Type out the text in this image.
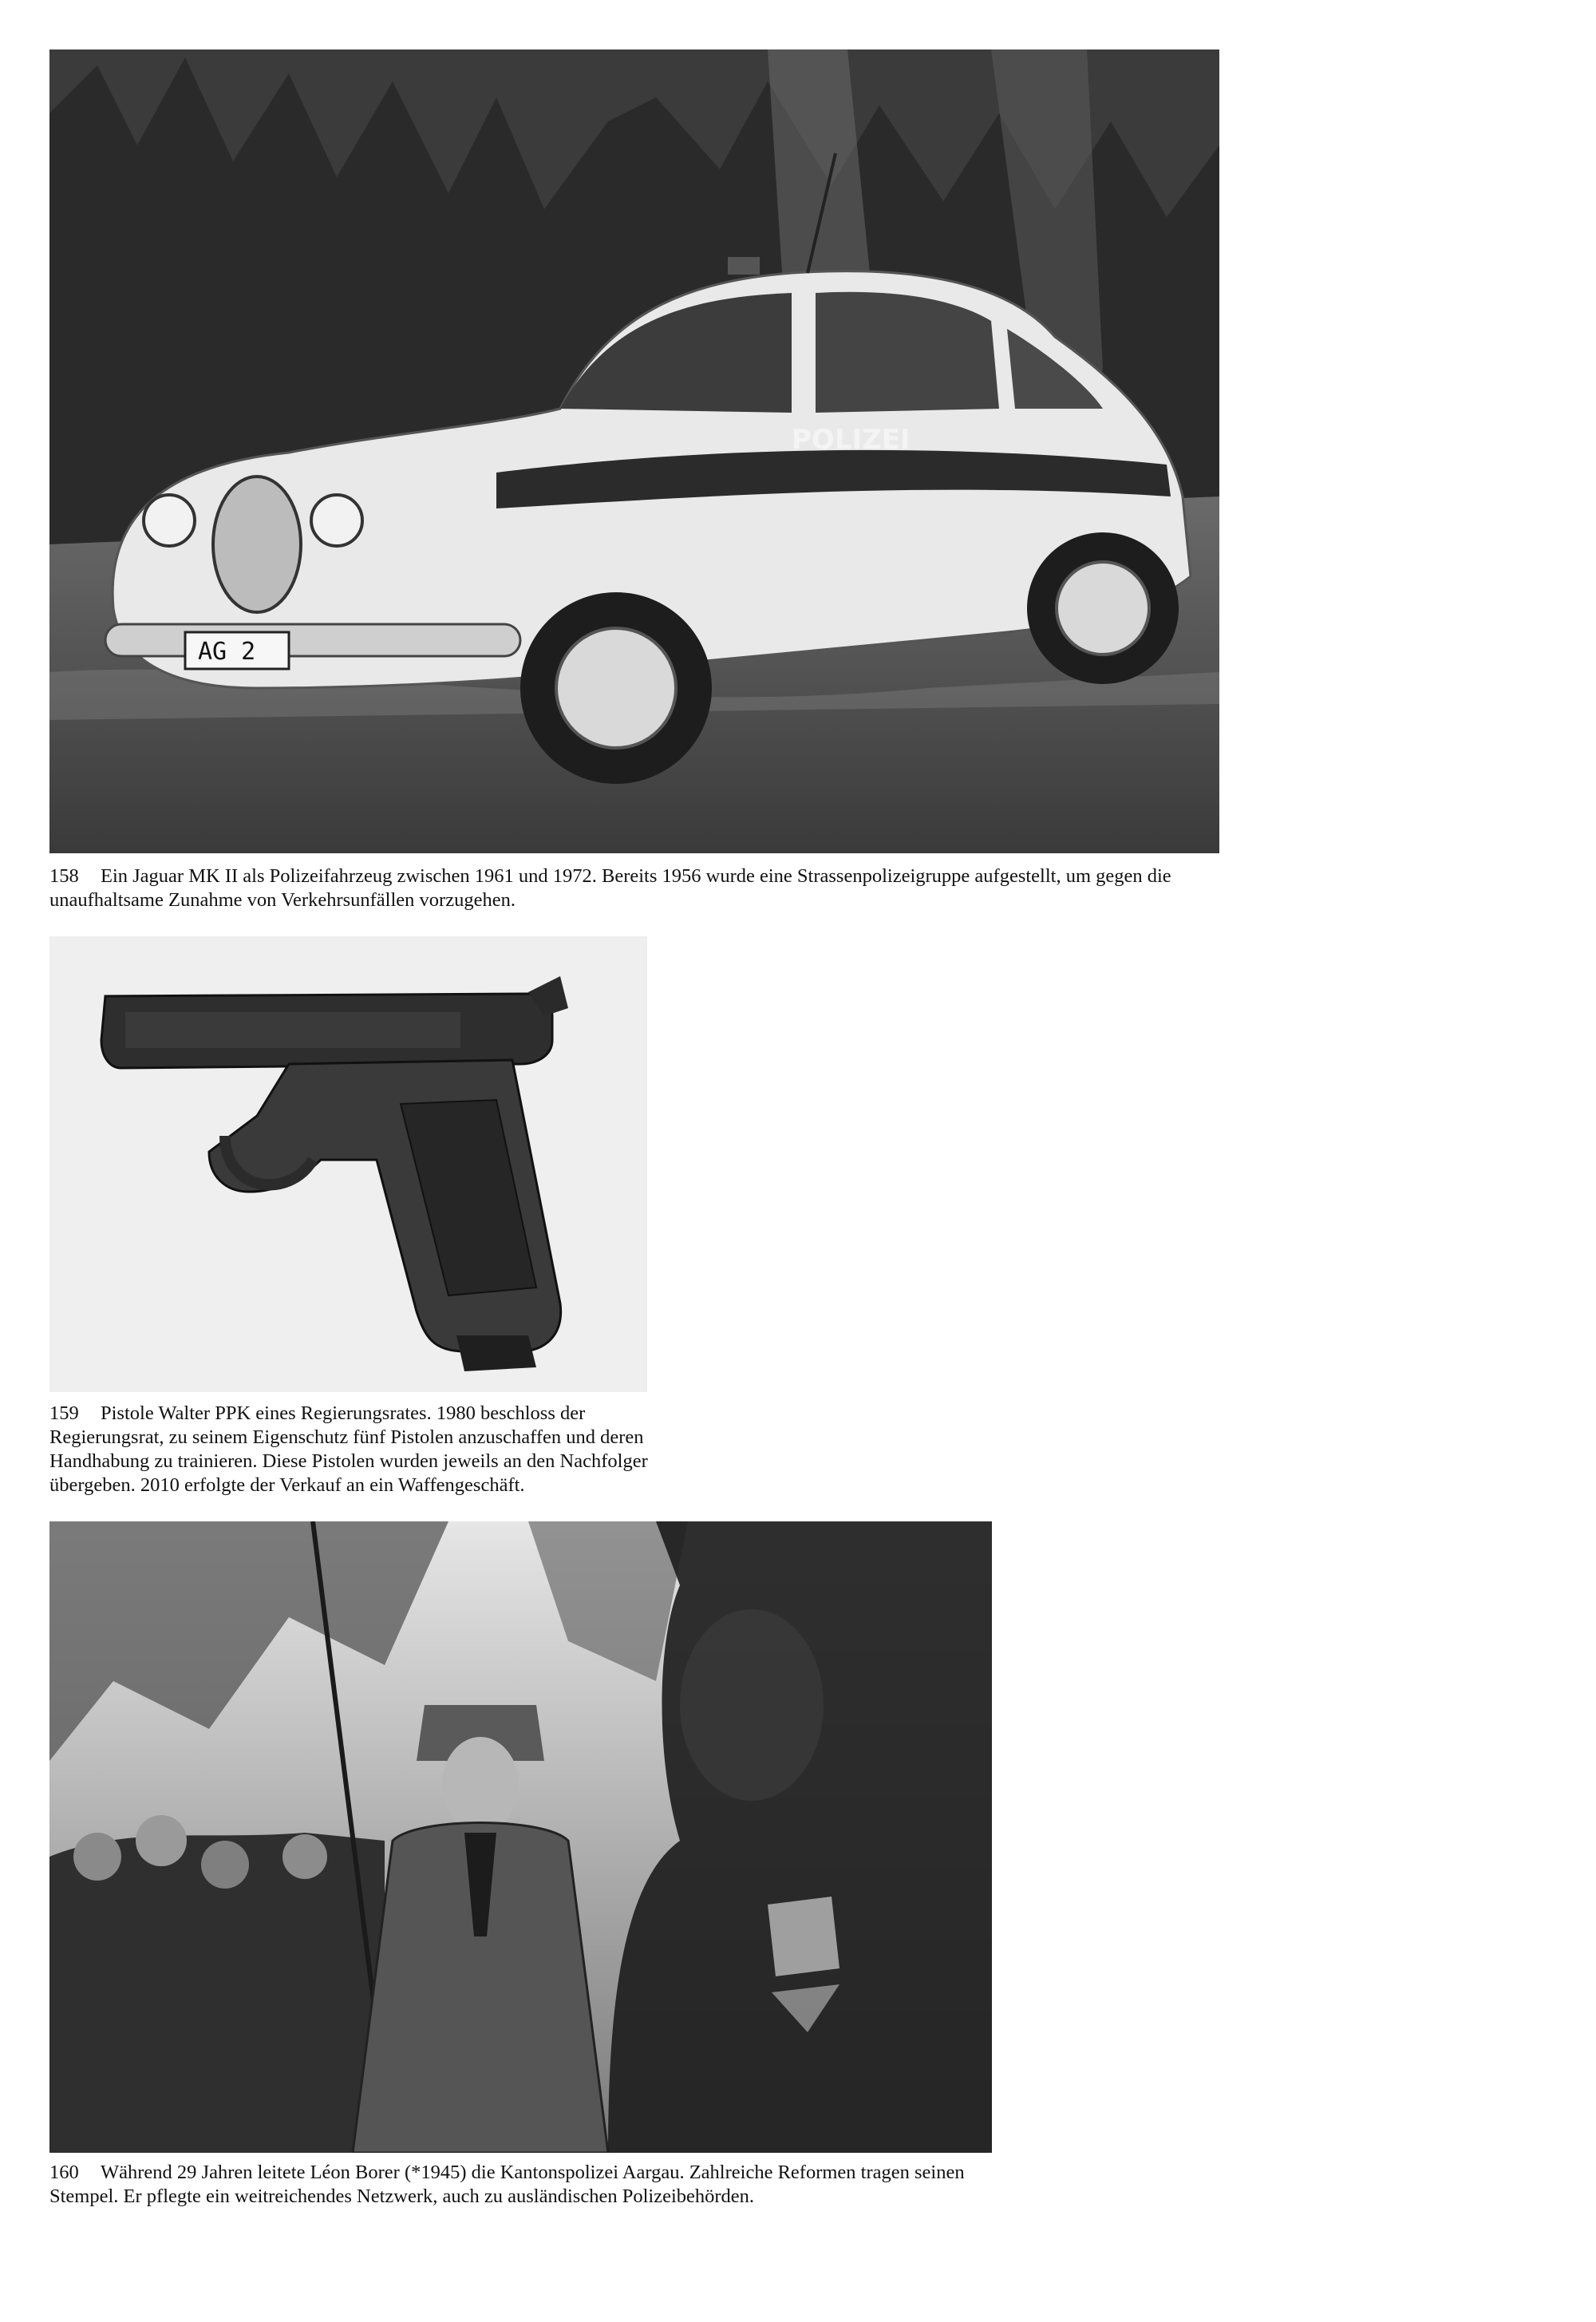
POLIZEI
AG 2
158 Ein Jaguar MK II als Polizeifahrzeug zwischen 1961 und 1972. Bereits 1956 wurde eine Strassenpolizeigruppe aufgestellt, um gegen die unaufhaltsame Zunahme von Verkehrsunfällen vorzugehen.
159 Pistole Walter PPK eines Regierungsrates. 1980 beschloss der Regierungsrat, zu seinem Eigenschutz fünf Pistolen anzuschaffen und deren Handhabung zu trainieren. Diese Pistolen wurden jeweils an den Nachfolger übergeben. 2010 erfolgte der Verkauf an ein Waffengeschäft.
160 Während 29 Jahren leitete Léon Borer (*1945) die Kantonspolizei Aargau. Zahlreiche Reformen tragen seinen Stempel. Er pflegte ein weitreichendes Netzwerk, auch zu ausländischen Polizeibehörden.
